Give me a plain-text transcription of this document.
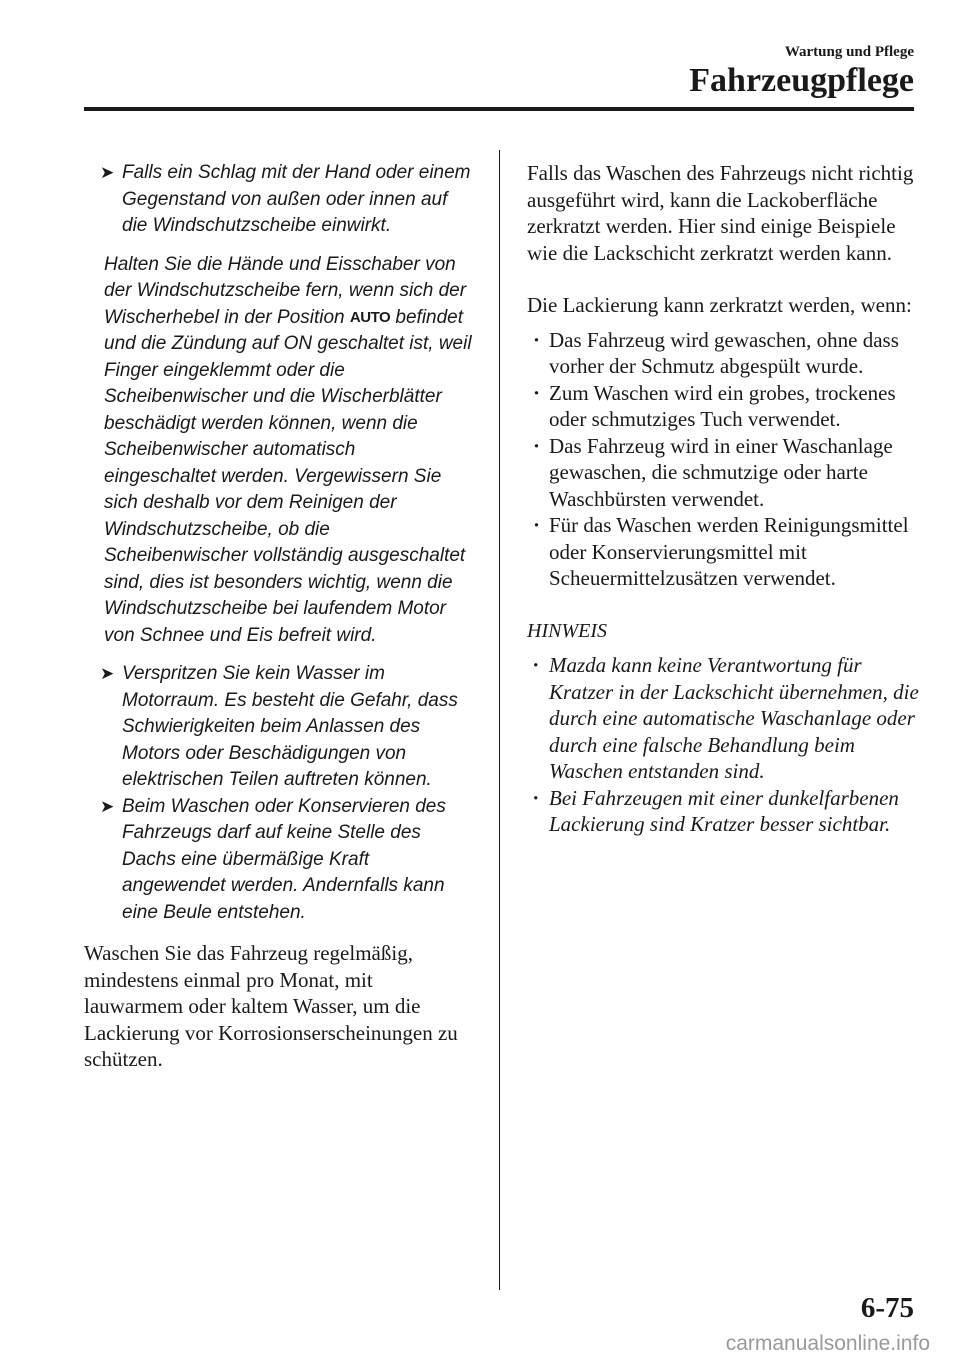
Wartung und Pflege
Fahrzeugpflege
➤ Falls ein Schlag mit der Hand oder einem Gegenstand von außen oder innen auf die Windschutzscheibe einwirkt.
Halten Sie die Hände und Eisschaber von der Windschutzscheibe fern, wenn sich der Wischerhebel in der Position AUTO befindet und die Zündung auf ON geschaltet ist, weil Finger eingeklemmt oder die Scheibenwischer und die Wischerblätter beschädigt werden können, wenn die Scheibenwischer automatisch eingeschaltet werden. Vergewissern Sie sich deshalb vor dem Reinigen der Windschutzscheibe, ob die Scheibenwischer vollständig ausgeschaltet sind, dies ist besonders wichtig, wenn die Windschutzscheibe bei laufendem Motor von Schnee und Eis befreit wird.
➤ Verspritzen Sie kein Wasser im Motorraum. Es besteht die Gefahr, dass Schwierigkeiten beim Anlassen des Motors oder Beschädigungen von elektrischen Teilen auftreten können.
➤ Beim Waschen oder Konservieren des Fahrzeugs darf auf keine Stelle des Dachs eine übermäßige Kraft angewendet werden. Andernfalls kann eine Beule entstehen.
Waschen Sie das Fahrzeug regelmäßig, mindestens einmal pro Monat, mit lauwarmem oder kaltem Wasser, um die Lackierung vor Korrosionserscheinungen zu schützen.

Falls das Waschen des Fahrzeugs nicht richtig ausgeführt wird, kann die Lackoberfläche zerkratzt werden. Hier sind einige Beispiele wie die Lackschicht zerkratzt werden kann.

Die Lackierung kann zerkratzt werden, wenn:

· Das Fahrzeug wird gewaschen, ohne dass vorher der Schmutz abgespült wurde.
· Zum Waschen wird ein grobes, trockenes oder schmutziges Tuch verwendet.
· Das Fahrzeug wird in einer Waschanlage gewaschen, die schmutzige oder harte Waschbürsten verwendet.
· Für das Waschen werden Reinigungsmittel oder Konservierungsmittel mit Scheuermittelzusätzen verwendet.
HINWEIS
· Mazda kann keine Verantwortung für Kratzer in der Lackschicht übernehmen, die durch eine automatische Waschanlage oder durch eine falsche Behandlung beim Waschen entstanden sind.
· Bei Fahrzeugen mit einer dunkelfarbenen Lackierung sind Kratzer besser sichtbar.
6-75
carmanualsonline.info
